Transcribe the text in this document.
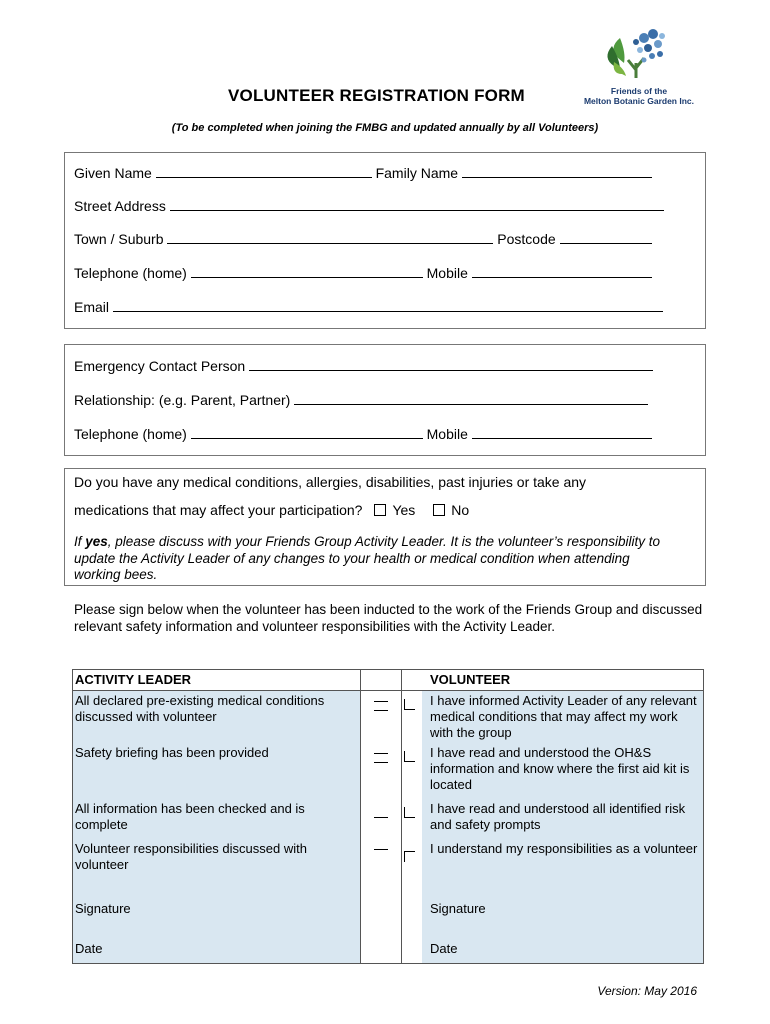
VOLUNTEER REGISTRATION FORM
(To be completed when joining the FMBG and updated annually by all Volunteers)
Friends of the
Melton Botanic Garden Inc.
Given Name	Family Name
Street Address
Town / Suburb	Postcode
Telephone (home)	Mobile
Email
Emergency Contact Person
Relationship: (e.g. Parent, Partner)
Telephone (home)	Mobile
Do you have any medical conditions, allergies, disabilities, past injuries or take any
medications that may affect your participation? Yes	No
If yes, please discuss with your Friends Group Activity Leader. It is the volunteer’s responsibility to update the Activity Leader of any changes to your health or medical condition when attending working bees.
Please sign below when the volunteer has been inducted to the work of the Friends Group and discussed relevant safety information and volunteer responsibilities with the Activity Leader.
ACTIVITY LEADER			VOLUNTEER
All declared pre-existing medical conditions discussed with volunteer			I have informed Activity Leader of any relevant medical conditions that may affect my work with the group
Safety briefing has been provided			I have read and understood the OH&S information and know where the first aid kit is located
All information has been checked and is complete			I have read and understood all identified risk and safety prompts
Volunteer responsibilities discussed with volunteer			I understand my responsibilities as a volunteer
Signature			Signature
Date			Date
Version: May 2016
